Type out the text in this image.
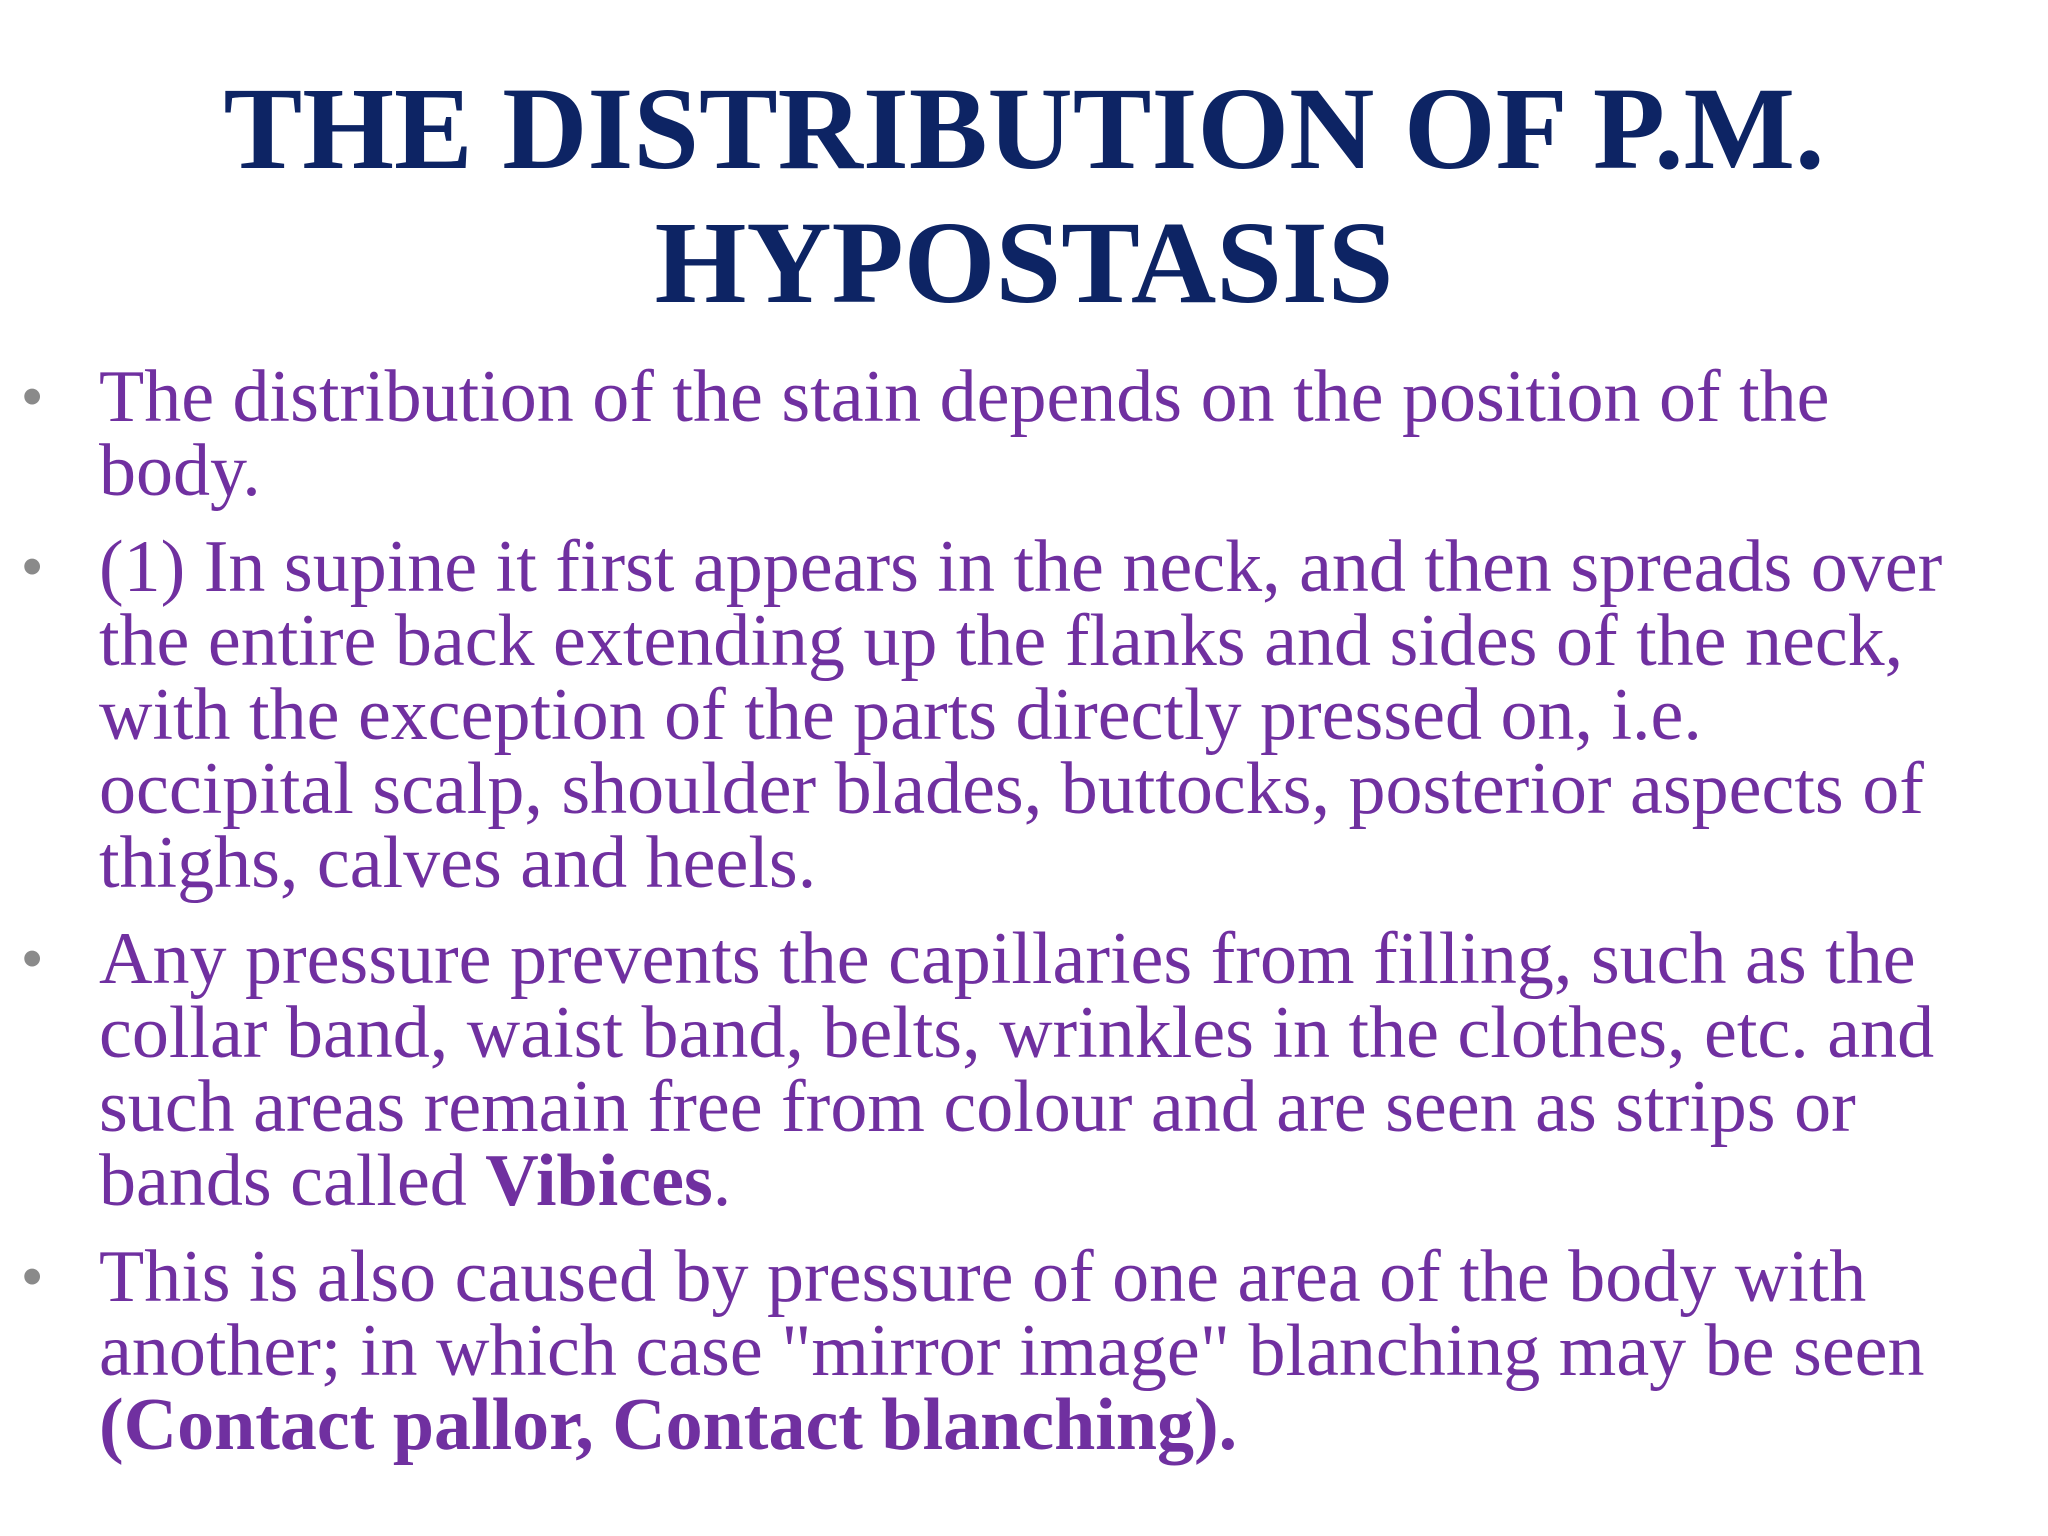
THE DISTRIBUTION OF P.M.
HYPOSTASIS
• The distribution of the stain depends on the position of the
body.
• (1) In supine it first appears in the neck, and then spreads over
the entire back extending up the flanks and sides of the neck,
with the exception of the parts directly pressed on, i.e.
occipital scalp, shoulder blades, buttocks, posterior aspects of
thighs, calves and heels.
• Any pressure prevents the capillaries from filling, such as the
collar band, waist band, belts, wrinkles in the clothes, etc. and
such areas remain free from colour and are seen as strips or
bands called Vibices.
• This is also caused by pressure of one area of the body with
another; in which case "mirror image" blanching may be seen
(Contact pallor, Contact blanching).
